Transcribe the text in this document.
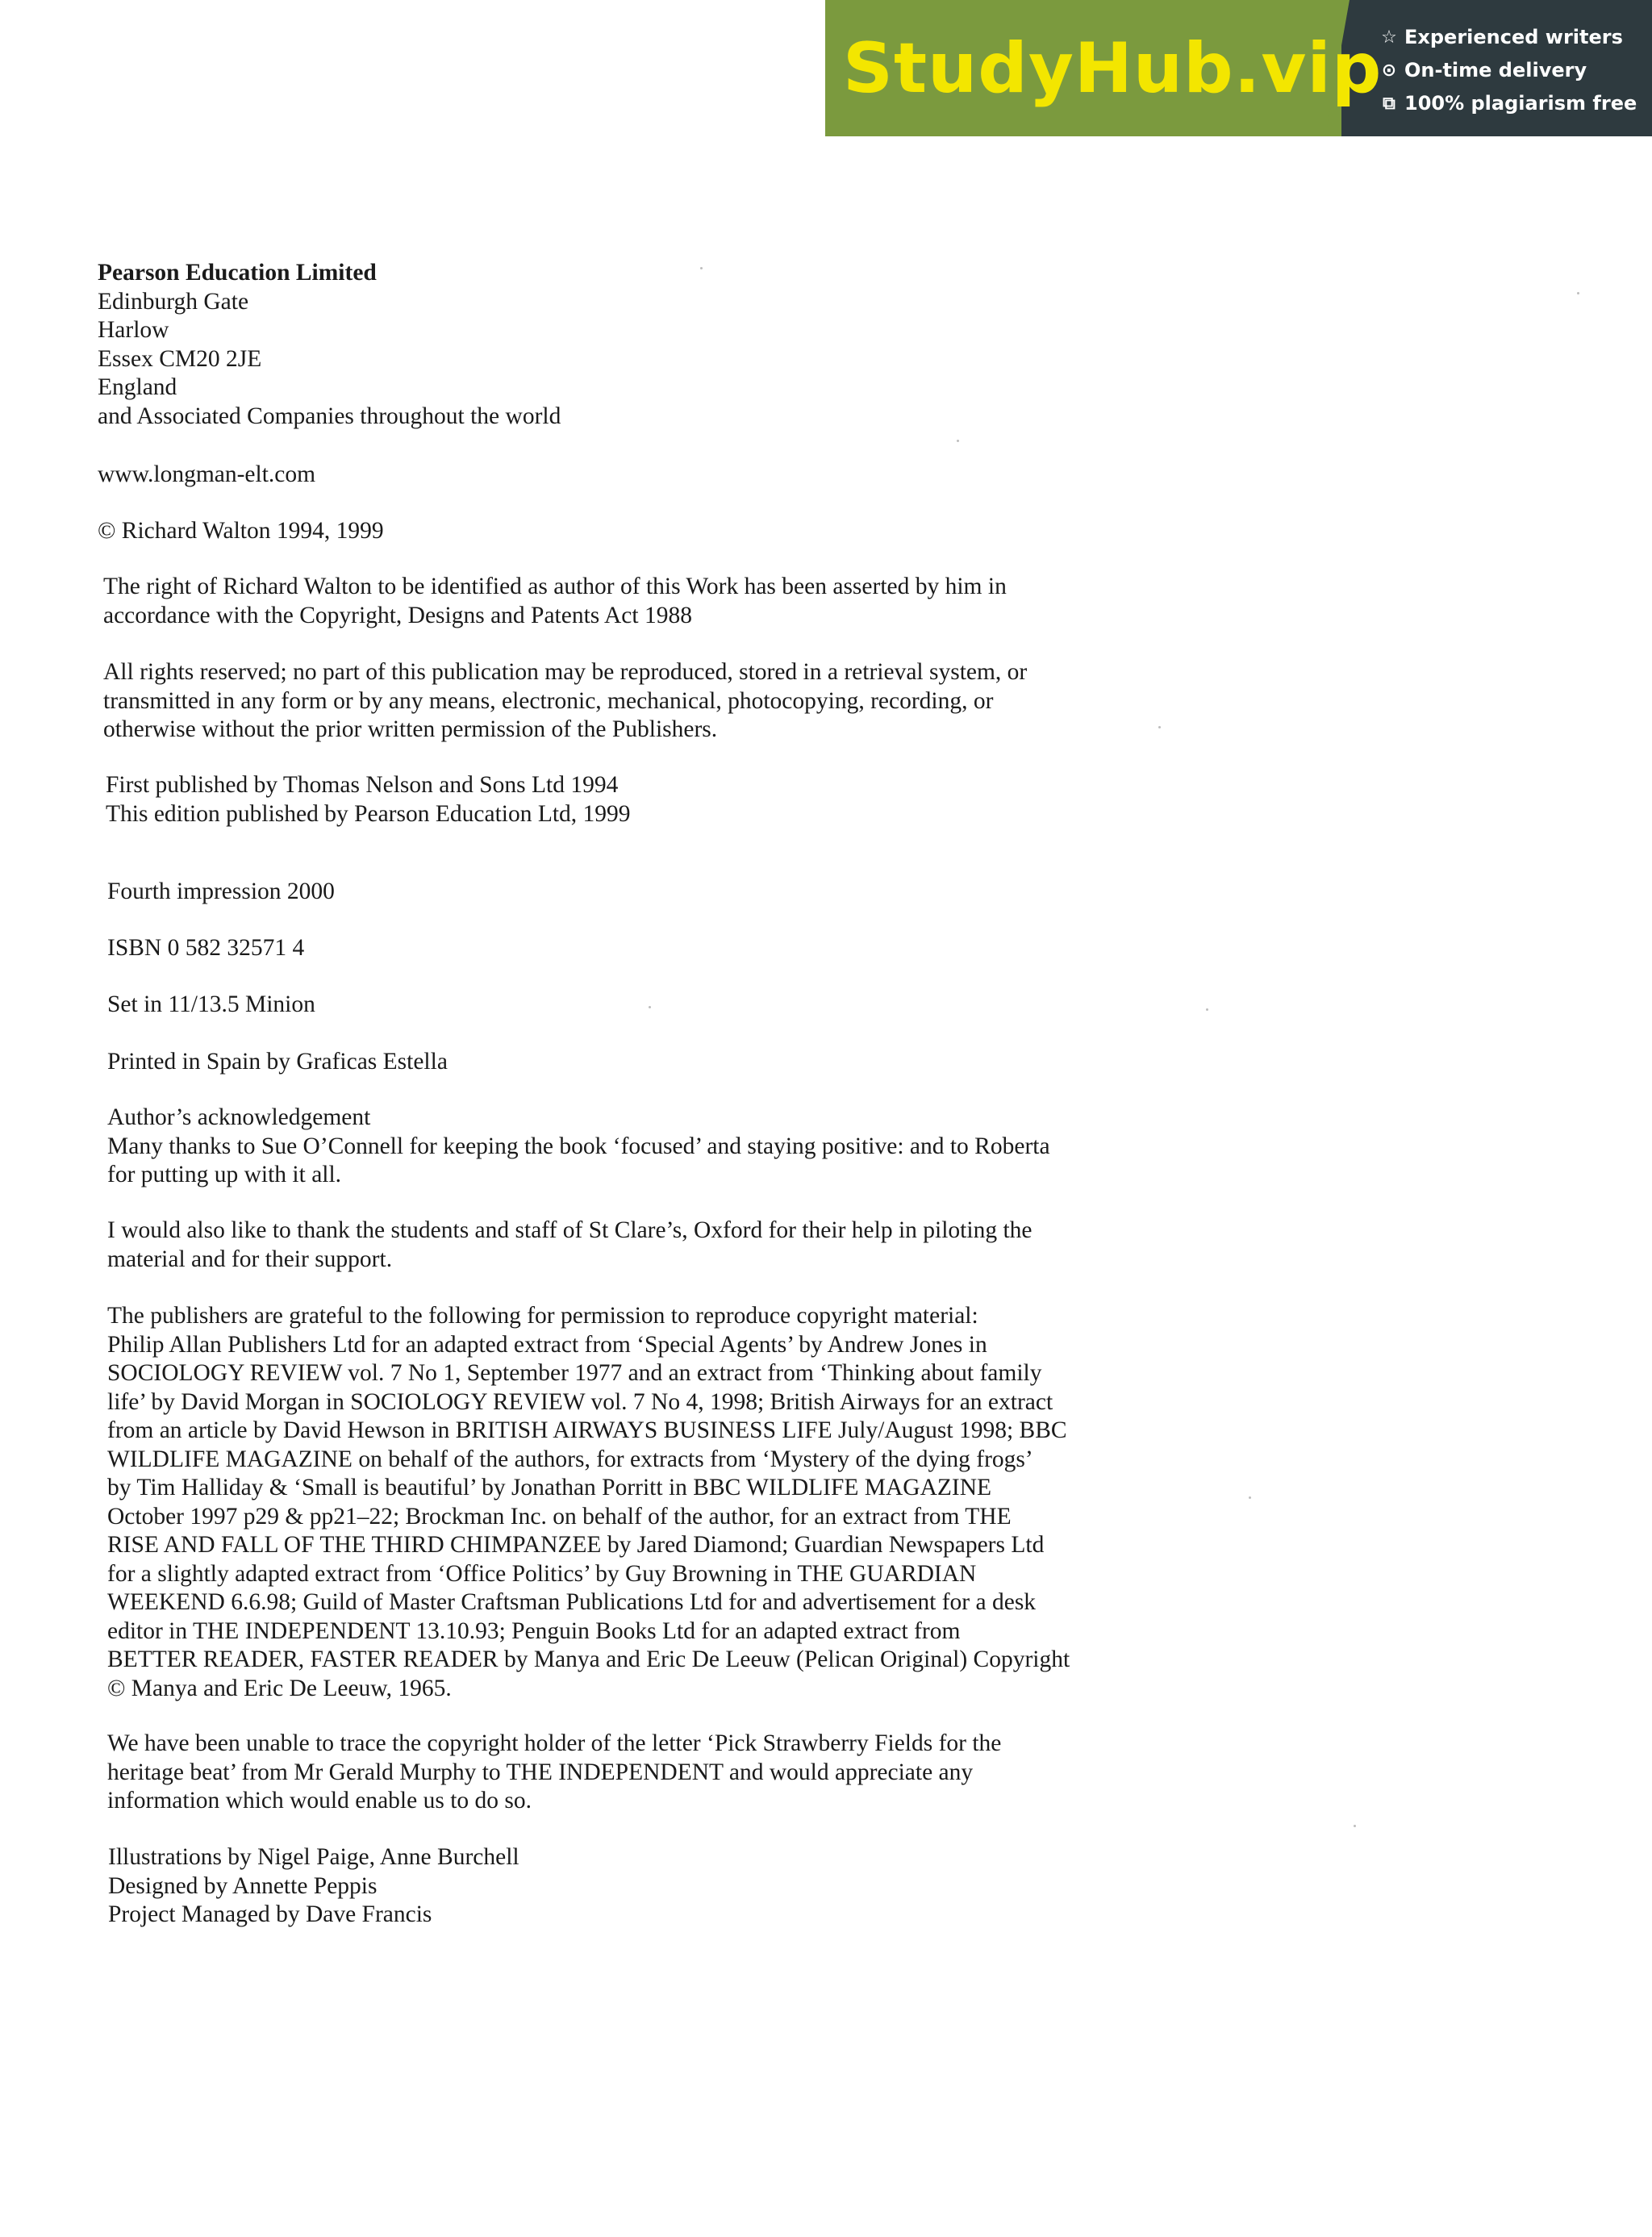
StudyHub.vip
☆ Experienced writers
⊙ On-time delivery
⧉ 100% plagiarism free
Pearson Education Limited
Edinburgh Gate
Harlow
Essex CM20 2JE
England
and Associated Companies throughout the world
www.longman-elt.com
© Richard Walton 1994, 1999
The right of Richard Walton to be identified as author of this Work has been asserted by him in
accordance with the Copyright, Designs and Patents Act 1988
All rights reserved; no part of this publication may be reproduced, stored in a retrieval system, or
transmitted in any form or by any means, electronic, mechanical, photocopying, recording, or
otherwise without the prior written permission of the Publishers.
First published by Thomas Nelson and Sons Ltd 1994
This edition published by Pearson Education Ltd, 1999
Fourth impression 2000
ISBN 0 582 32571 4
Set in 11/13.5 Minion
Printed in Spain by Graficas Estella
Author’s acknowledgement
Many thanks to Sue O’Connell for keeping the book ‘focused’ and staying positive: and to Roberta
for putting up with it all.
I would also like to thank the students and staff of St Clare’s, Oxford for their help in piloting the
material and for their support.
The publishers are grateful to the following for permission to reproduce copyright material:
Philip Allan Publishers Ltd for an adapted extract from ‘Special Agents’ by Andrew Jones in
SOCIOLOGY REVIEW vol. 7 No 1, September 1977 and an extract from ‘Thinking about family
life’ by David Morgan in SOCIOLOGY REVIEW vol. 7 No 4, 1998; British Airways for an extract
from an article by David Hewson in BRITISH AIRWAYS BUSINESS LIFE July/August 1998; BBC
WILDLIFE MAGAZINE on behalf of the authors, for extracts from ‘Mystery of the dying frogs’
by Tim Halliday & ‘Small is beautiful’ by Jonathan Porritt in BBC WILDLIFE MAGAZINE
October 1997 p29 & pp21–22; Brockman Inc. on behalf of the author, for an extract from THE
RISE AND FALL OF THE THIRD CHIMPANZEE by Jared Diamond; Guardian Newspapers Ltd
for a slightly adapted extract from ‘Office Politics’ by Guy Browning in THE GUARDIAN
WEEKEND 6.6.98; Guild of Master Craftsman Publications Ltd for and advertisement for a desk
editor in THE INDEPENDENT 13.10.93; Penguin Books Ltd for an adapted extract from
BETTER READER, FASTER READER by Manya and Eric De Leeuw (Pelican Original) Copyright
© Manya and Eric De Leeuw, 1965.
We have been unable to trace the copyright holder of the letter ‘Pick Strawberry Fields for the
heritage beat’ from Mr Gerald Murphy to THE INDEPENDENT and would appreciate any
information which would enable us to do so.
Illustrations by Nigel Paige, Anne Burchell
Designed by Annette Peppis
Project Managed by Dave Francis
